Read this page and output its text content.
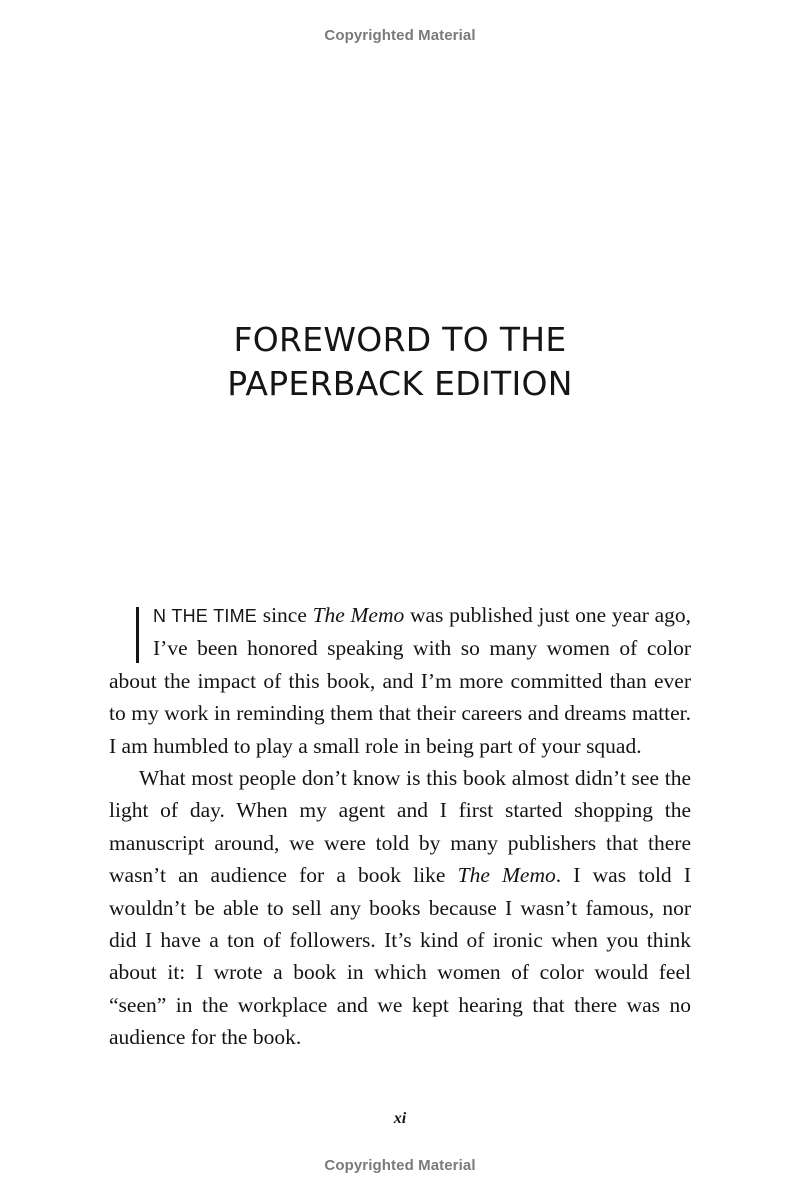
Copyrighted Material
FOREWORD TO THE
PAPERBACK EDITION

N THE TIME since The Memo was published just one year ago, I’ve been honored speaking with so many women of color about the impact of this book, and I’m more committed than ever to my work in reminding them that their careers and dreams matter. I am humbled to play a small role in being part of your squad.

What most people don’t know is this book almost didn’t see the light of day. When my agent and I first started shopping the manuscript around, we were told by many publishers that there wasn’t an audience for a book like The Memo. I was told I wouldn’t be able to sell any books because I wasn’t famous, nor did I have a ton of followers. It’s kind of ironic when you think about it: I wrote a book in which women of color would feel “seen” in the workplace and we kept hearing that there was no audience for the book.

xi
Copyrighted Material
